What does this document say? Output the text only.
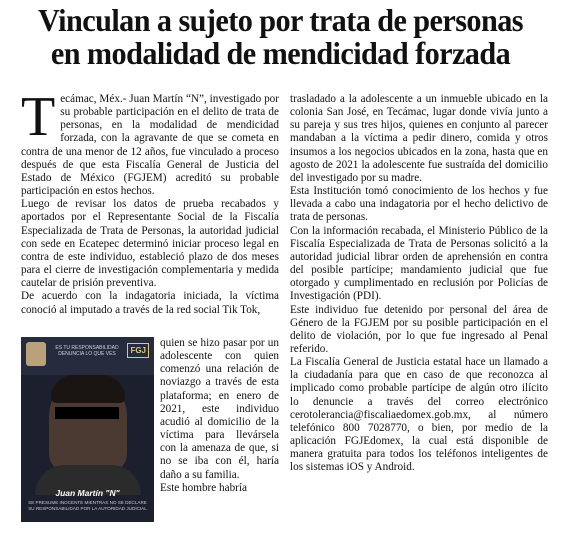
Vinculan a sujeto por trata de personas
en modalidad de mendicidad forzada

Tecámac, Méx.- Juan Martín “N”, investigado por su probable participación en el delito de trata de personas, en la modalidad de mendicidad forzada, con la agravante de que se cometa en contra de una menor de 12 años, fue vinculado a proceso después de que esta Fiscalía General de Justicia del Estado de México (FGJEM) acreditó su probable participación en estos hechos.

Luego de revisar los datos de prueba recabados y aportados por el Representante Social de la Fiscalía Especializada de Trata de Personas, la autoridad judicial con sede en Ecatepec determinó iniciar proceso legal en contra de este individuo, estableció plazo de dos meses para el cierre de investigación complementaria y medida cautelar de prisión preventiva.

De acuerdo con la indagatoria iniciada, la víctima conoció al imputado a través de la red social Tik Tok,

ES TU RESPONSABILIDAD DENUNCIA LO QUE VES	FGJ
Juan Martín "N"
SE PRESUME INOCENTE MIENTRAS NO SE DECLARE SU RESPONSABILIDAD POR LA AUTORIDAD JUDICIAL

quien se hizo pasar por un adolescente con quien comenzó una relación de noviazgo a través de esta plataforma; en enero de 2021, este individuo acudió al domicilio de la víctima para llevársela con la amenaza de que, si no se iba con él, haría daño a su familia.

Este hombre habría

trasladado a la adolescente a un inmueble ubicado en la colonia San José, en Tecámac, lugar donde vivía junto a su pareja y sus tres hijos, quienes en conjunto al parecer mandaban a la víctima a pedir dinero, comida y otros insumos a los negocios ubicados en la zona, hasta que en agosto de 2021 la adolescente fue sustraída del domicilio del investigado por su madre.

Esta Institución tomó conocimiento de los hechos y fue llevada a cabo una indagatoria por el hecho delictivo de trata de personas.

Con la información recabada, el Ministerio Público de la Fiscalía Especializada de Trata de Personas solicitó a la autoridad judicial librar orden de aprehensión en contra del posible partícipe; mandamiento judicial que fue otorgado y cumplimentado en reclusión por Policías de Investigación (PDI).

Este individuo fue detenido por personal del área de Género de la FGJEM por su posible participación en el delito de violación, por lo que fue ingresado al Penal referido.

La Fiscalía General de Justicia estatal hace un llamado a la ciudadanía para que en caso de que reconozca al implicado como probable partícipe de algún otro ilícito lo denuncie a través del correo electrónico cerotolerancia@fiscaliaedomex.gob.mx, al número telefónico 800 7028770, o bien, por medio de la aplicación FGJEdomex, la cual está disponible de manera gratuita para todos los teléfonos inteligentes de los sistemas iOS y Android.
